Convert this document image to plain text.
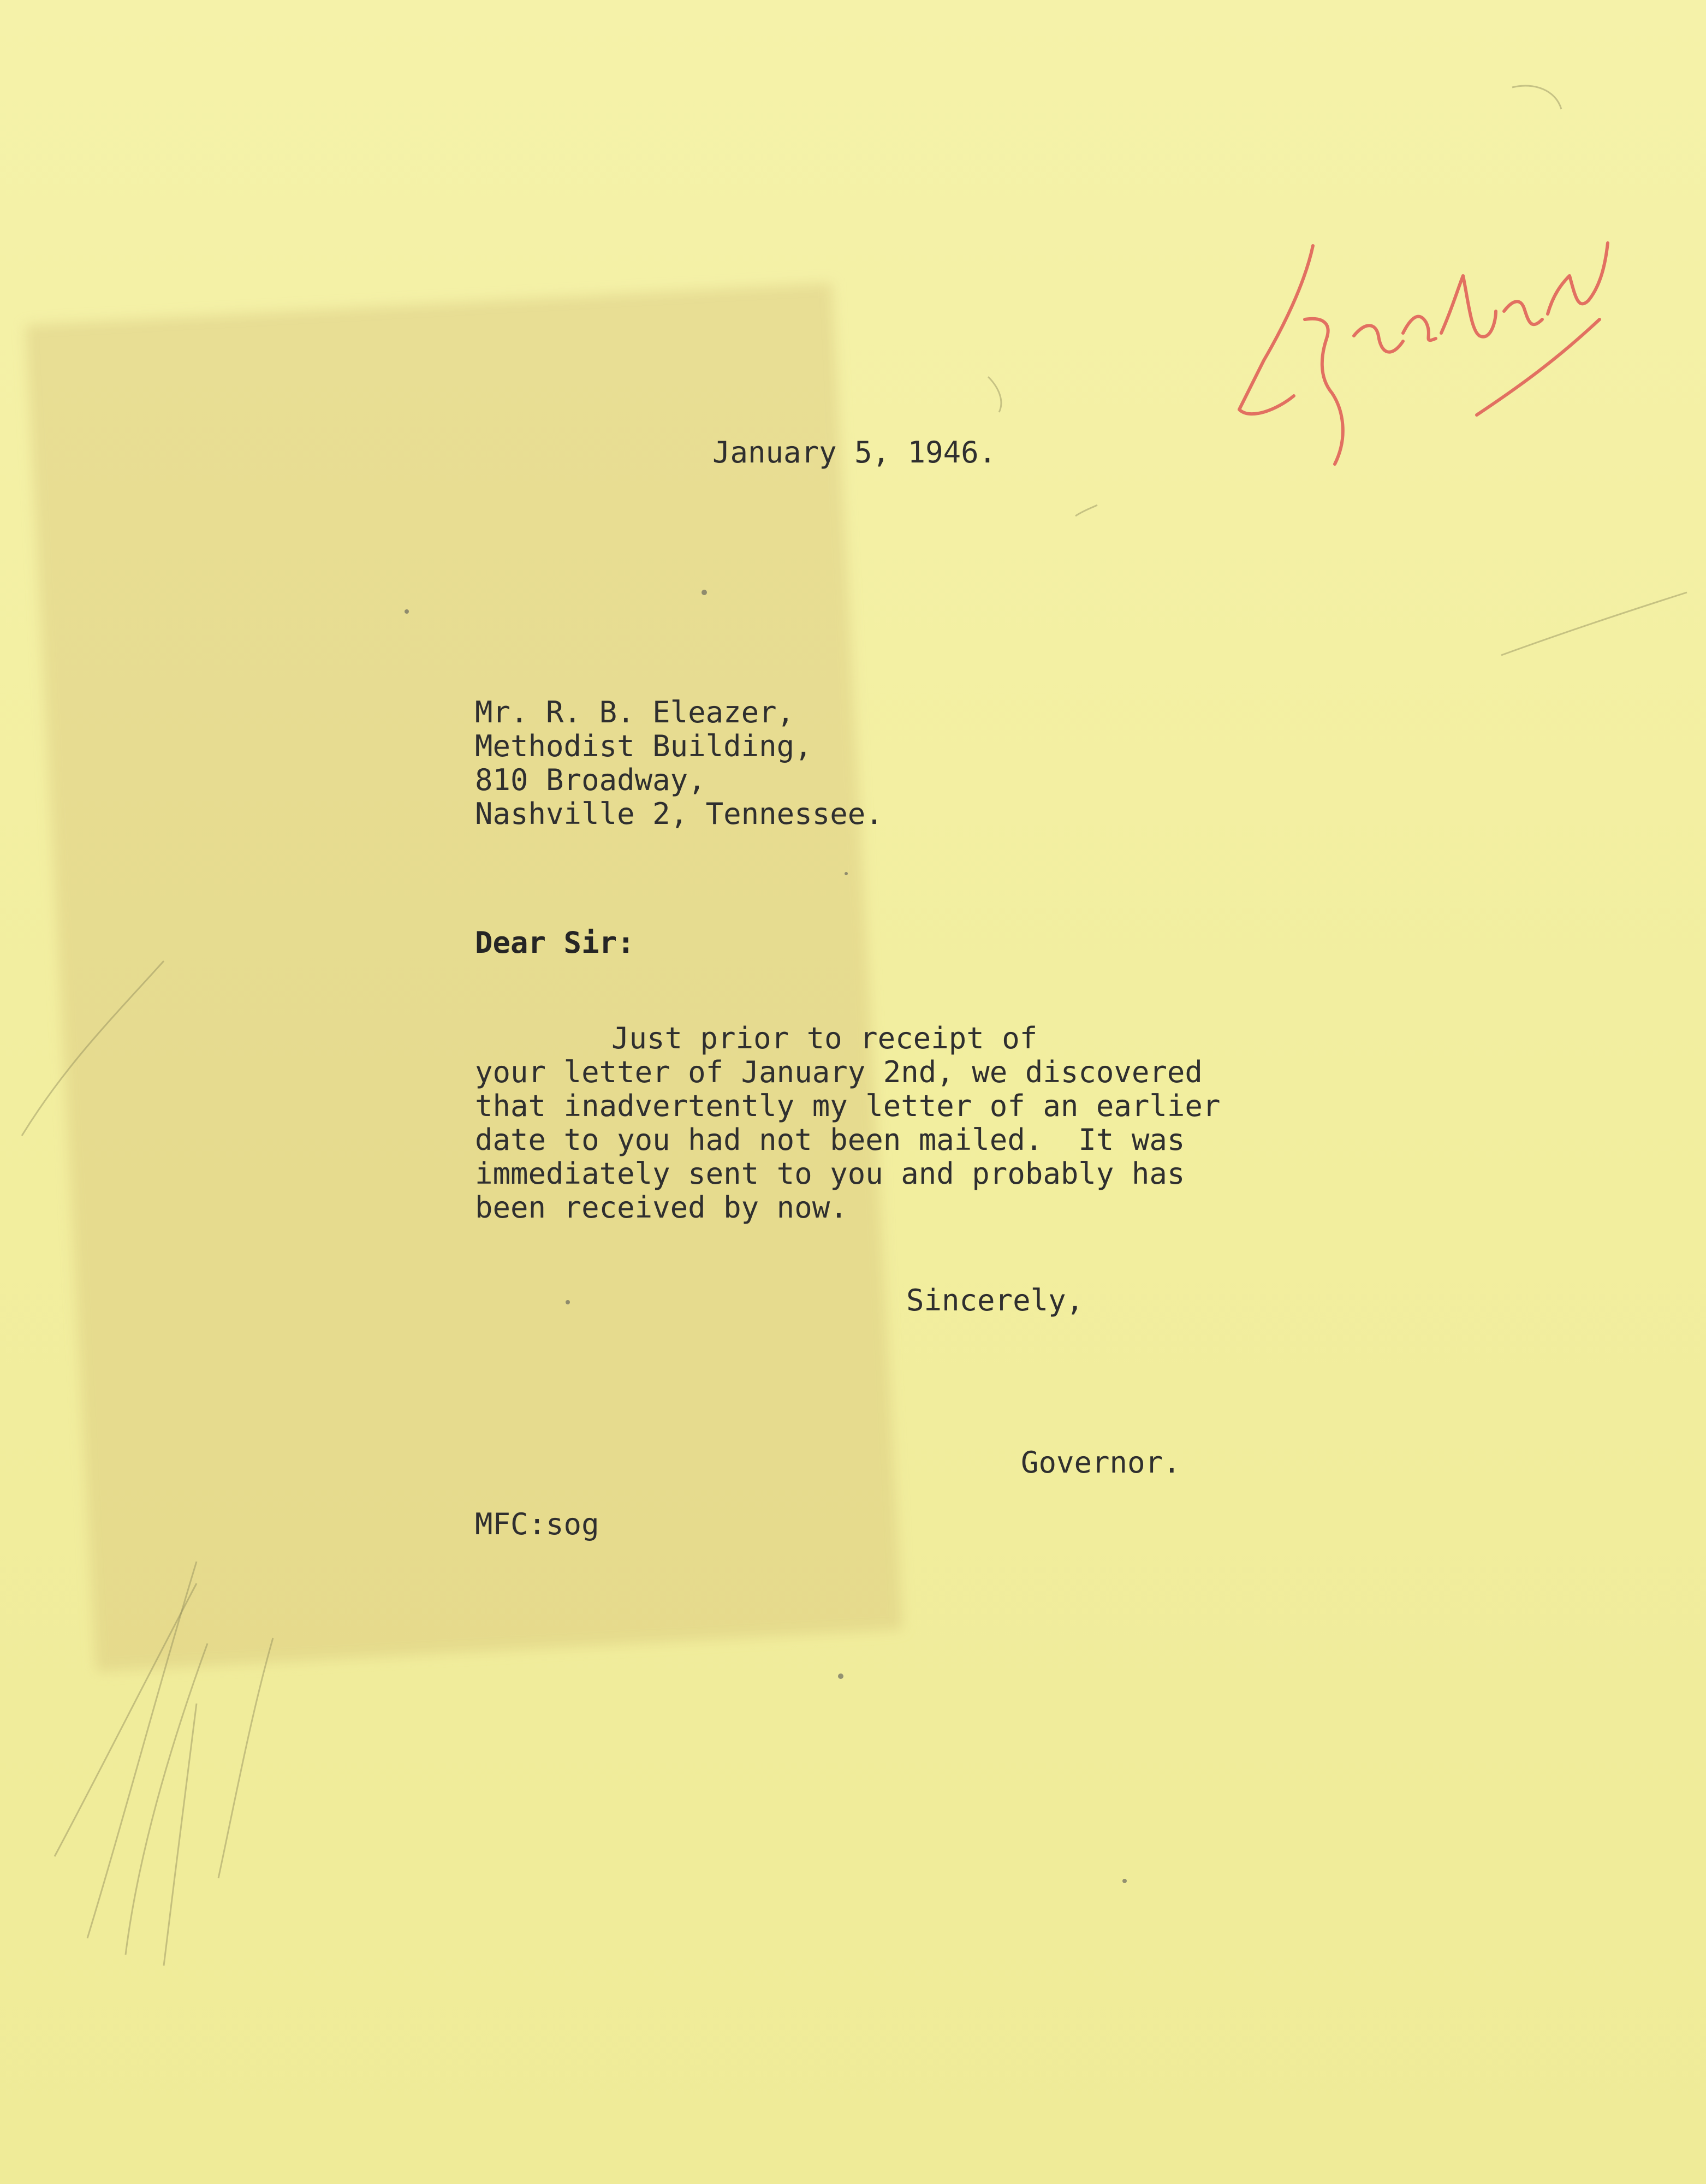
January 5, 1946.
Mr. R. B. Eleazer,
Methodist Building,
810 Broadway,
Nashville 2, Tennessee.
Dear Sir:
Just prior to receipt of
your letter of January 2nd, we discovered
that inadvertently my letter of an earlier
date to you had not been mailed.  It was
immediately sent to you and probably has
been received by now.
Sincerely,
Governor.
MFC:sog
